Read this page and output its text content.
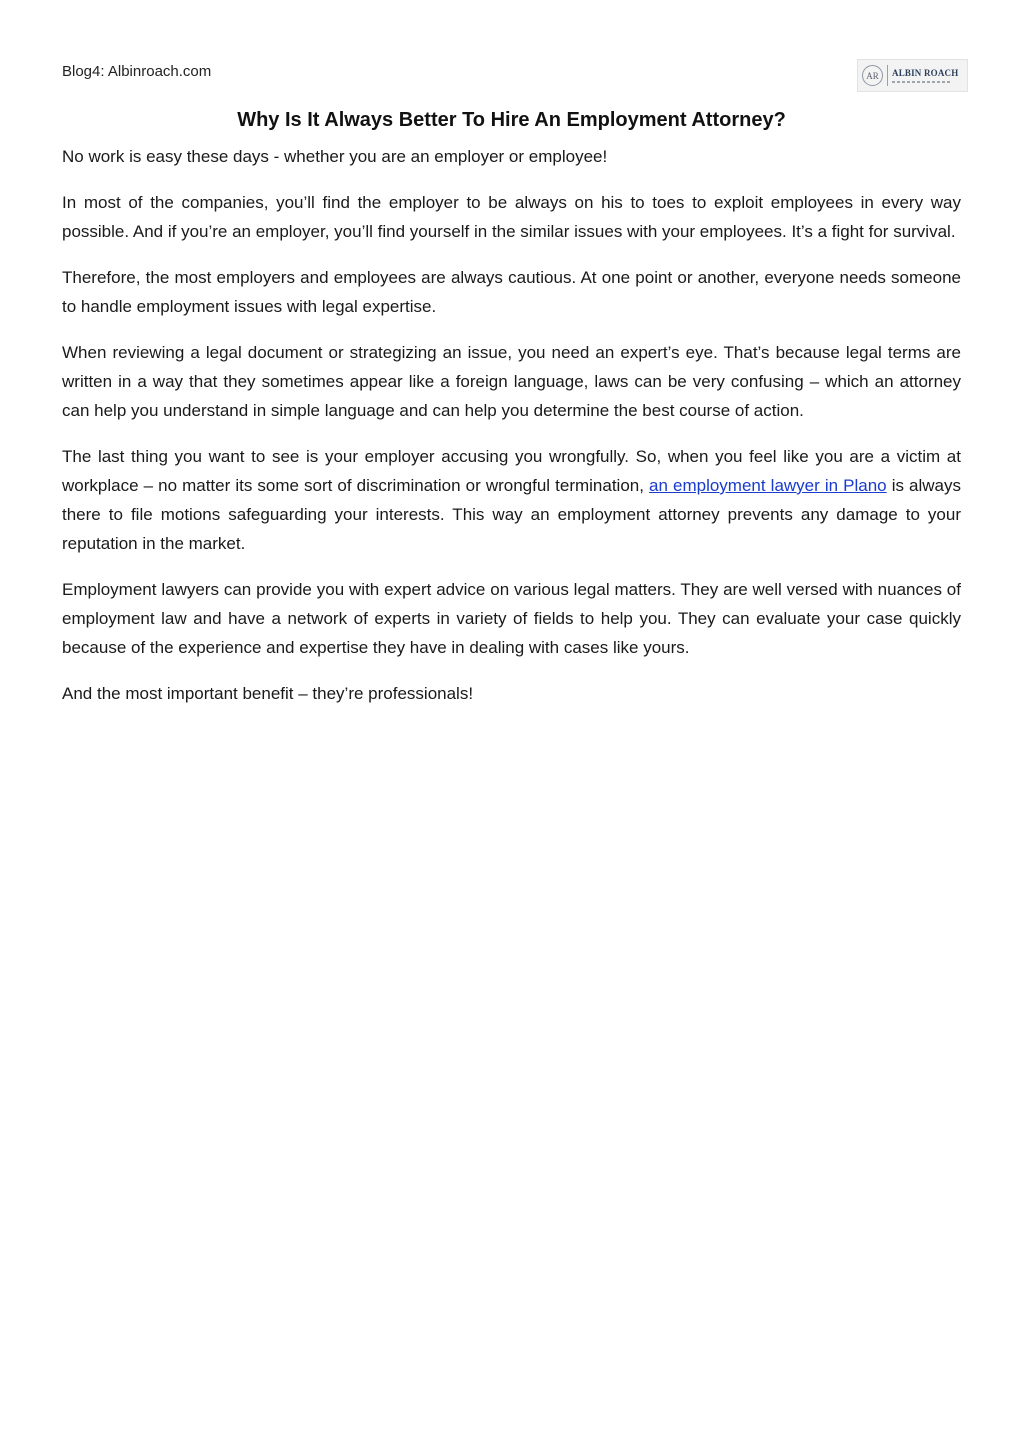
Blog4: Albinroach.com	AR	ALBIN ROACH
Why Is It Always Better To Hire An Employment Attorney?

No work is easy these days - whether you are an employer or employee!

In most of the companies, you’ll find the employer to be always on his to toes to exploit employees in every way possible. And if you’re an employer, you’ll find yourself in the similar issues with your employees. It’s a fight for survival.

Therefore, the most employers and employees are always cautious. At one point or another, everyone needs someone to handle employment issues with legal expertise.

When reviewing a legal document or strategizing an issue, you need an expert’s eye. That’s because legal terms are written in a way that they sometimes appear like a foreign language, laws can be very confusing – which an attorney can help you understand in simple language and can help you determine the best course of action.

The last thing you want to see is your employer accusing you wrongfully. So, when you feel like you are a victim at workplace – no matter its some sort of discrimination or wrongful termination, an employment lawyer in Plano is always there to file motions safeguarding your interests. This way an employment attorney prevents any damage to your reputation in the market.

Employment lawyers can provide you with expert advice on various legal matters. They are well versed with nuances of employment law and have a network of experts in variety of fields to help you. They can evaluate your case quickly because of the experience and expertise they have in dealing with cases like yours.

And the most important benefit – they’re professionals!
